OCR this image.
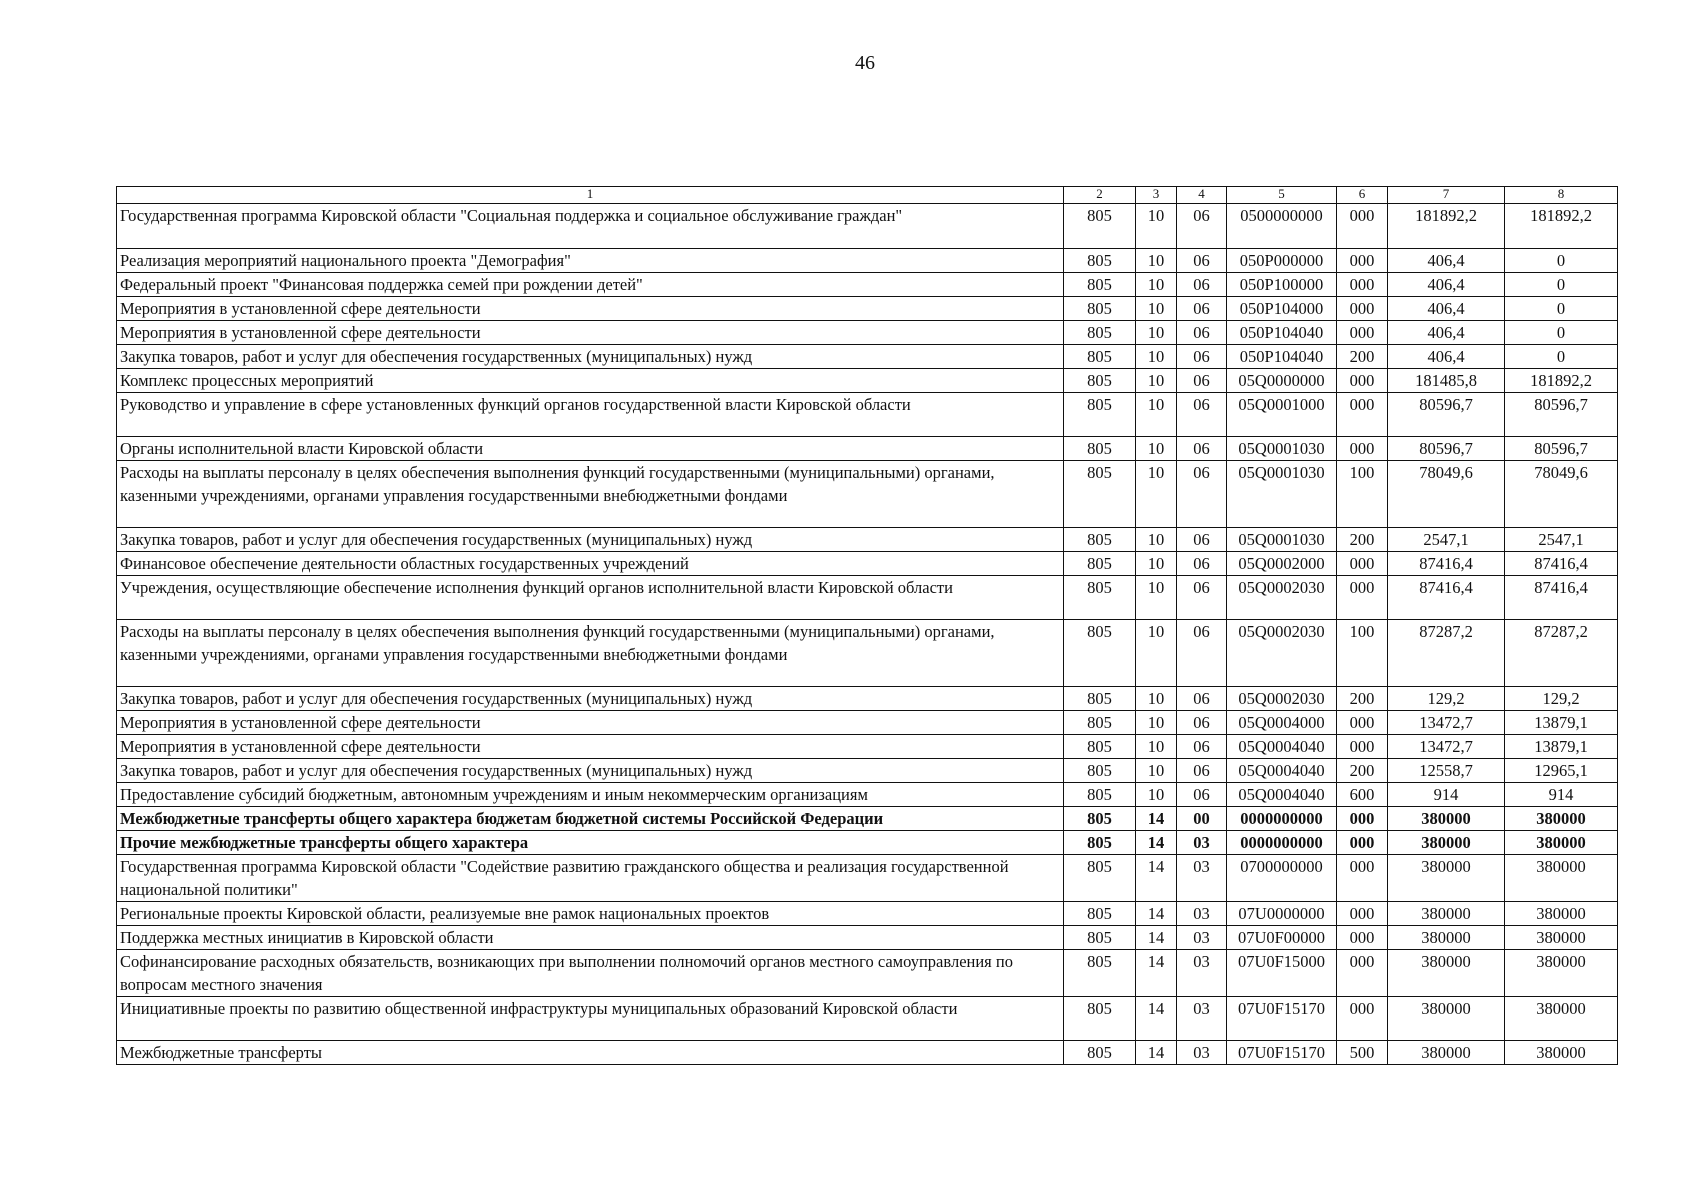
46
1	2	3	4	5	6	7	8
Государственная программа Кировской области "Социальная поддержка и социальное обслуживание граждан"	805	10	06	0500000000	000	181892,2	181892,2
Реализация мероприятий национального проекта "Демография"	805	10	06	050P000000	000	406,4	0
Федеральный проект "Финансовая поддержка семей при рождении детей"	805	10	06	050P100000	000	406,4	0
Мероприятия в установленной сфере деятельности	805	10	06	050P104000	000	406,4	0
Мероприятия в установленной сфере деятельности	805	10	06	050P104040	000	406,4	0
Закупка товаров, работ и услуг для обеспечения государственных (муниципальных) нужд	805	10	06	050P104040	200	406,4	0
Комплекс процессных мероприятий	805	10	06	05Q0000000	000	181485,8	181892,2
Руководство и управление в сфере установленных функций органов государственной власти Кировской области	805	10	06	05Q0001000	000	80596,7	80596,7
Органы исполнительной власти Кировской области	805	10	06	05Q0001030	000	80596,7	80596,7
Расходы на выплаты персоналу в целях обеспечения выполнения функций государственными (муниципальными) органами, казенными учреждениями, органами управления государственными внебюджетными фондами	805	10	06	05Q0001030	100	78049,6	78049,6
Закупка товаров, работ и услуг для обеспечения государственных (муниципальных) нужд	805	10	06	05Q0001030	200	2547,1	2547,1
Финансовое обеспечение деятельности областных государственных учреждений	805	10	06	05Q0002000	000	87416,4	87416,4
Учреждения, осуществляющие обеспечение исполнения функций органов исполнительной власти Кировской области	805	10	06	05Q0002030	000	87416,4	87416,4
Расходы на выплаты персоналу в целях обеспечения выполнения функций государственными (муниципальными) органами, казенными учреждениями, органами управления государственными внебюджетными фондами	805	10	06	05Q0002030	100	87287,2	87287,2
Закупка товаров, работ и услуг для обеспечения государственных (муниципальных) нужд	805	10	06	05Q0002030	200	129,2	129,2
Мероприятия в установленной сфере деятельности	805	10	06	05Q0004000	000	13472,7	13879,1
Мероприятия в установленной сфере деятельности	805	10	06	05Q0004040	000	13472,7	13879,1
Закупка товаров, работ и услуг для обеспечения государственных (муниципальных) нужд	805	10	06	05Q0004040	200	12558,7	12965,1
Предоставление субсидий бюджетным, автономным учреждениям и иным некоммерческим организациям	805	10	06	05Q0004040	600	914	914
Межбюджетные трансферты общего характера бюджетам бюджетной системы Российской Федерации	805	14	00	0000000000	000	380000	380000
Прочие межбюджетные трансферты общего характера	805	14	03	0000000000	000	380000	380000
Государственная программа Кировской области "Содействие развитию гражданского общества и реализация государственной национальной политики"	805	14	03	0700000000	000	380000	380000
Региональные проекты Кировской области, реализуемые вне рамок национальных проектов	805	14	03	07U0000000	000	380000	380000
Поддержка местных инициатив в Кировской области	805	14	03	07U0F00000	000	380000	380000
Софинансирование расходных обязательств, возникающих при выполнении полномочий органов местного самоуправления по вопросам местного значения	805	14	03	07U0F15000	000	380000	380000
Инициативные проекты по развитию общественной инфраструктуры муниципальных образований Кировской области	805	14	03	07U0F15170	000	380000	380000
Межбюджетные трансферты	805	14	03	07U0F15170	500	380000	380000
